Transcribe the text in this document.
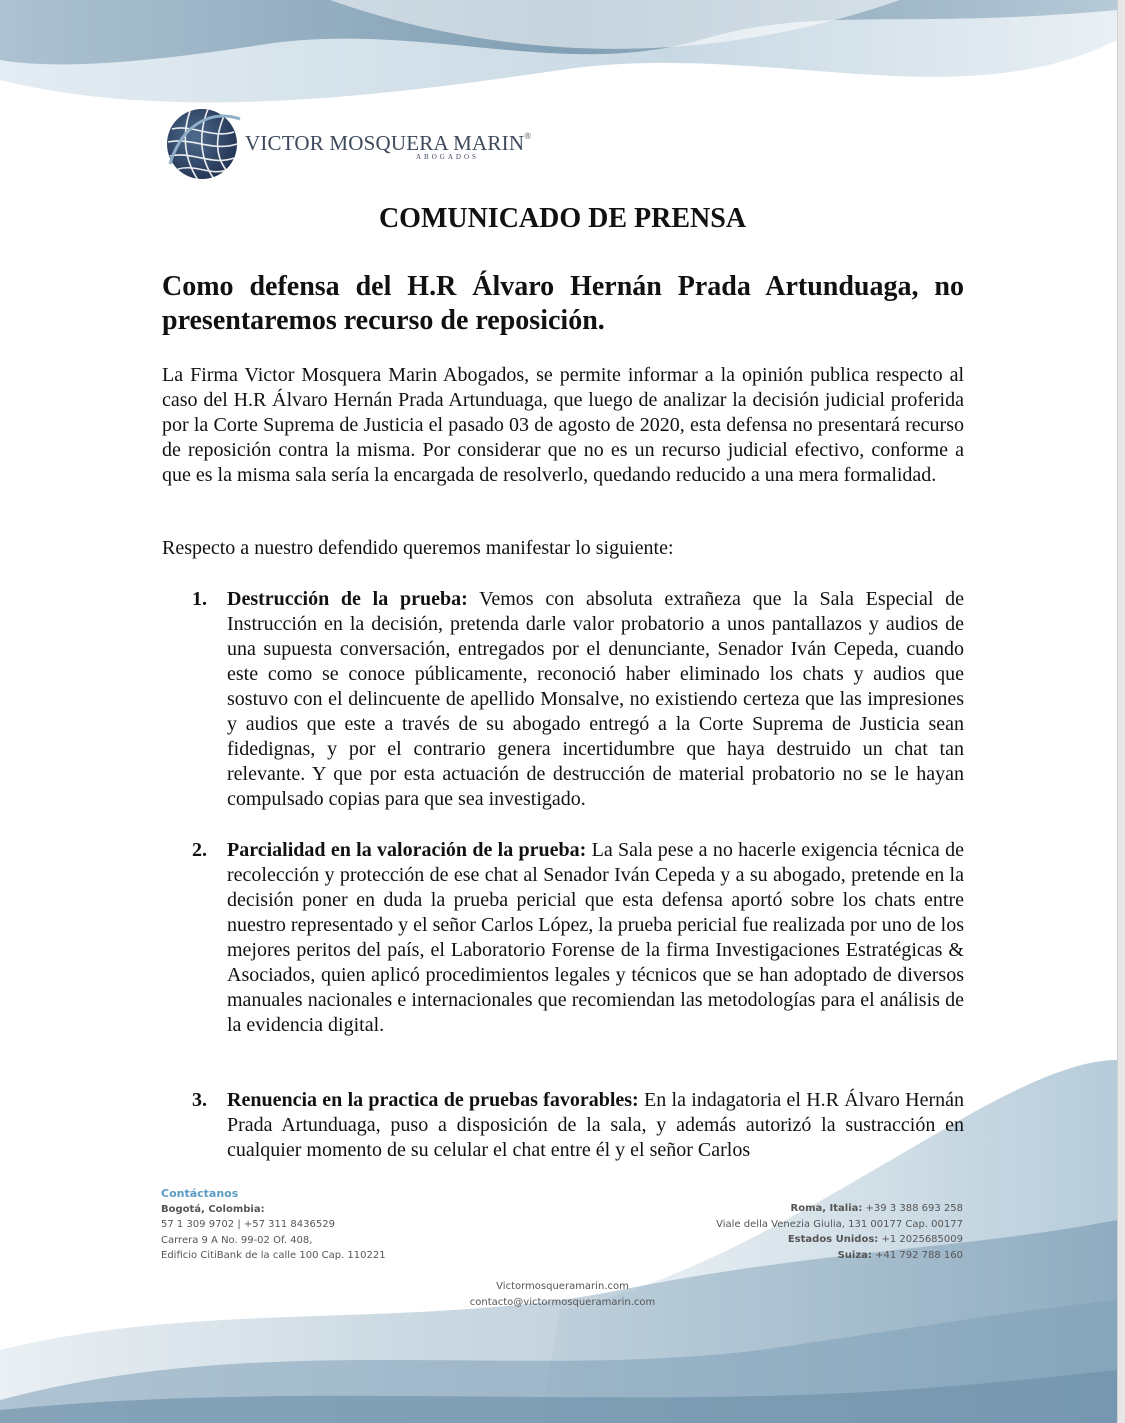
VICTOR MOSQUERA MARIN®
ABOGADOS
COMUNICADO DE PRENSA
Como defensa del H.R Álvaro Hernán Prada Artunduaga, no presentaremos recurso de reposición.
La Firma Victor Mosquera Marin Abogados, se permite informar a la opinión publica respecto al caso del H.R Álvaro Hernán Prada Artunduaga, que luego de analizar la decisión judicial proferida por la Corte Suprema de Justicia el pasado 03 de agosto de 2020, esta defensa no presentará recurso de reposición contra la misma. Por considerar que no es un recurso judicial efectivo, conforme a que es la misma sala sería la encargada de resolverlo, quedando reducido a una mera formalidad.
Respecto a nuestro defendido queremos manifestar lo siguiente:
1. Destrucción de la prueba: Vemos con absoluta extrañeza que la Sala Especial de Instrucción en la decisión, pretenda darle valor probatorio a unos pantallazos y audios de una supuesta conversación, entregados por el denunciante, Senador Iván Cepeda, cuando este como se conoce públicamente, reconoció haber eliminado los chats y audios que sostuvo con el delincuente de apellido Monsalve, no existiendo certeza que las impresiones y audios que este a través de su abogado entregó a la Corte Suprema de Justicia sean fidedignas, y por el contrario genera incertidumbre que haya destruido un chat tan relevante. Y que por esta actuación de destrucción de material probatorio no se le hayan compulsado copias para que sea investigado.
2. Parcialidad en la valoración de la prueba: La Sala pese a no hacerle exigencia técnica de recolección y protección de ese chat al Senador Iván Cepeda y a su abogado, pretende en la decisión poner en duda la prueba pericial que esta defensa aportó sobre los chats entre nuestro representado y el señor Carlos López, la prueba pericial fue realizada por uno de los mejores peritos del país, el Laboratorio Forense de la firma Investigaciones Estratégicas & Asociados, quien aplicó procedimientos legales y técnicos que se han adoptado de diversos manuales nacionales e internacionales que recomiendan las metodologías para el análisis de la evidencia digital.
3. Renuencia en la practica de pruebas favorables: En la indagatoria el H.R Álvaro Hernán Prada Artunduaga, puso a disposición de la sala, y además autorizó la sustracción en cualquier momento de su celular el chat entre él y el señor Carlos
Contáctanos
Bogotá, Colombia:
57 1 309 9702 | +57 311 8436529
Carrera 9 A No. 99-02 Of. 408,
Edificio CitiBank de la calle 100 Cap. 110221
Roma, Italia: +39 3 388 693 258
Viale della Venezia Giulia, 131 00177 Cap. 00177
Estados Unidos: +1 2025685009
Suiza: +41 792 788 160
Victormosqueramarin.com
contacto@victormosqueramarin.com
